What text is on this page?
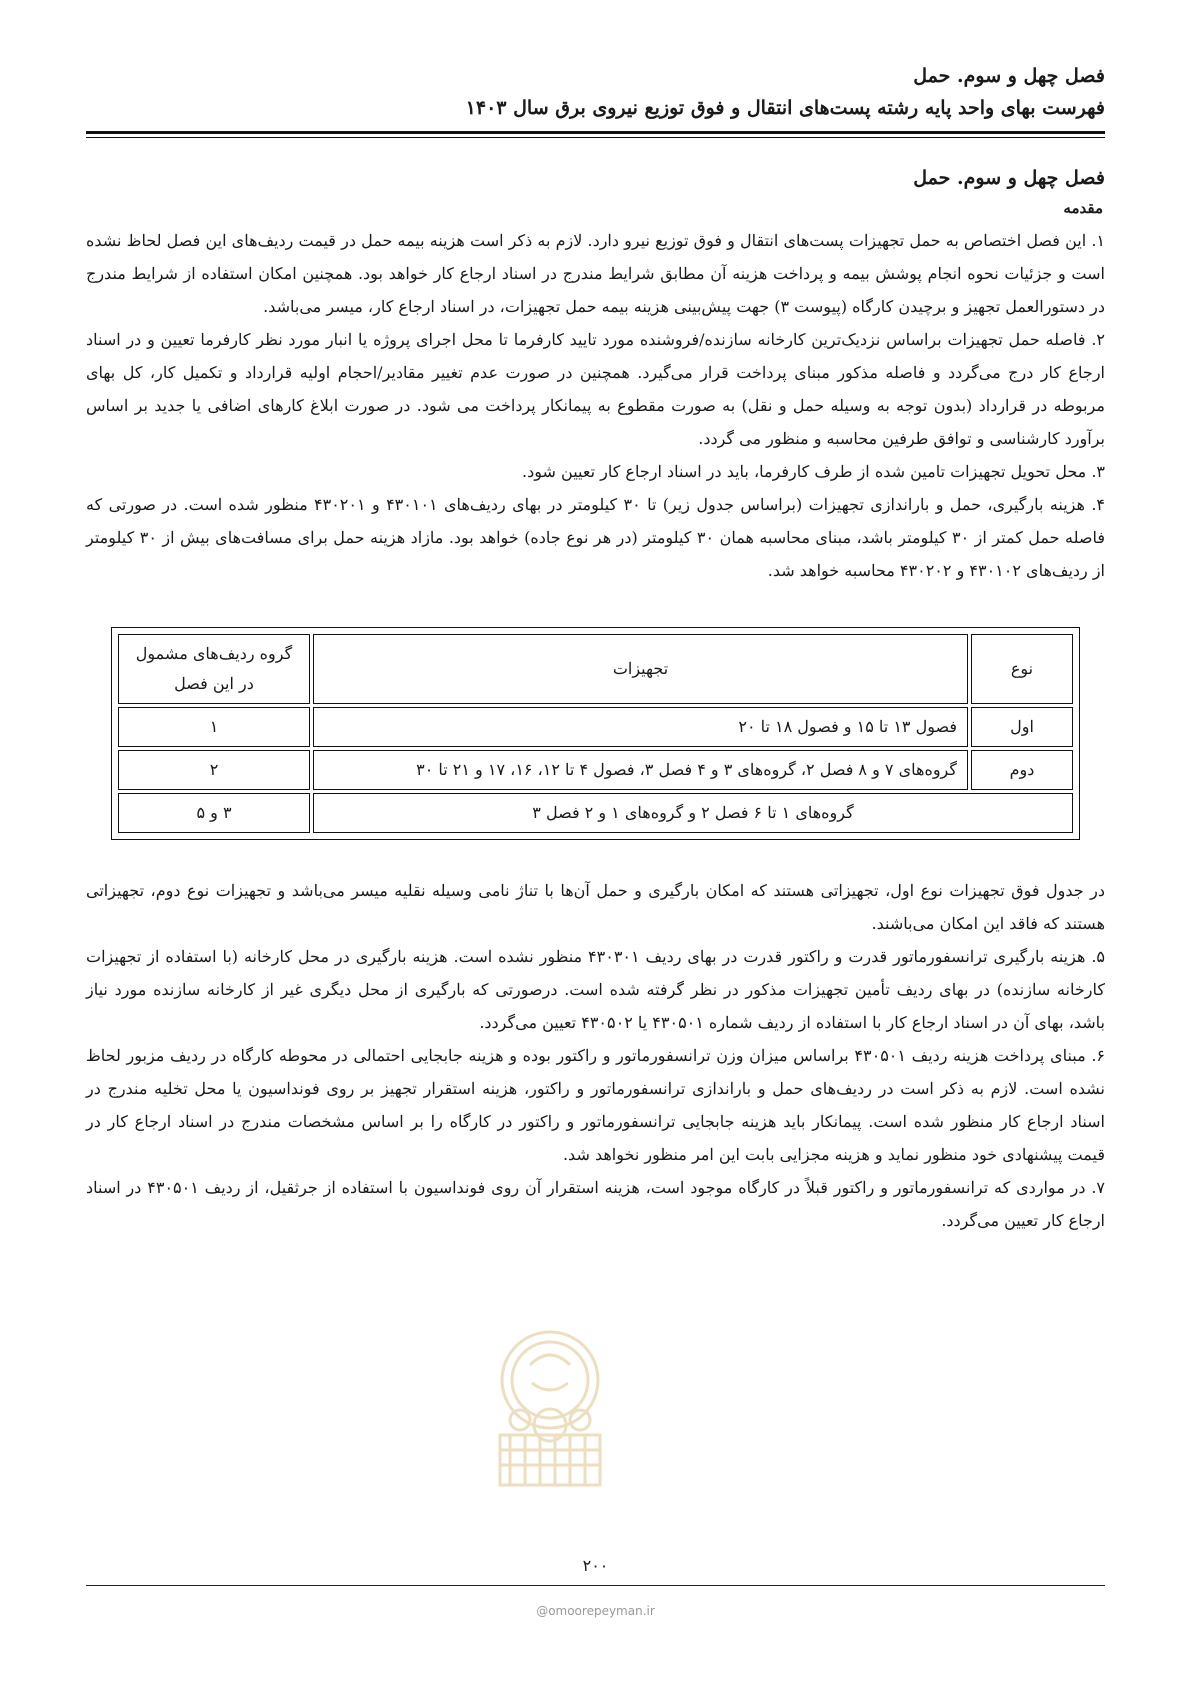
فصل چهل و سوم. حمل
فهرست بهای واحد پایه رشته پست‌های انتقال و فوق توزیع نیروی برق سال ۱۴۰۳
فصل چهل و سوم. حمل
مقدمه

۱. این فصل اختصاص به حمل تجهیزات پست‌های انتقال و فوق توزیع نیرو دارد. لازم به ذکر است هزینه بیمه حمل در قیمت ردیف‌های این فصل لحاظ نشده است و جزئیات نحوه انجام پوشش بیمه و پرداخت هزینه آن مطابق شرایط مندرج در اسناد ارجاع کار خواهد بود. همچنین امکان استفاده از شرایط مندرج در دستورالعمل تجهیز و برچیدن کارگاه (پیوست ۳) جهت پیش‌بینی هزینه بیمه حمل تجهیزات، در اسناد ارجاع کار، میسر می‌باشد.

۲. فاصله حمل تجهیزات براساس نزدیک‌ترین کارخانه سازنده/فروشنده مورد تایید کارفرما تا محل اجرای پروژه یا انبار مورد نظر کارفرما تعیین و در اسناد ارجاع کار درج می‌گردد و فاصله مذکور مبنای پرداخت قرار می‌گیرد. همچنین در صورت عدم تغییر مقادیر/احجام اولیه قرارداد و تکمیل کار، کل بهای مربوطه در قرارداد (بدون توجه به وسیله حمل و نقل) به صورت مقطوع به پیمانکار پرداخت می شود. در صورت ابلاغ کارهای اضافی یا جدید بر اساس برآورد کارشناسی و توافق طرفین محاسبه و منظور می گردد.

۳. محل تحویل تجهیزات تامین شده از طرف کارفرما، باید در اسناد ارجاع کار تعیین شود.

۴. هزینه بارگیری، حمل و باراندازی تجهیزات (براساس جدول زیر) تا ۳۰ کیلومتر در بهای ردیف‌های ۴۳۰۱۰۱ و ۴۳۰۲۰۱ منظور شده است. در صورتی که فاصله حمل کمتر از ۳۰ کیلومتر باشد، مبنای محاسبه همان ۳۰ کیلومتر (در هر نوع جاده) خواهد بود. مازاد هزینه حمل برای مسافت‌های بیش از ۳۰ کیلومتر از ردیف‌های ۴۳۰۱۰۲ و ۴۳۰۲۰۲ محاسبه خواهد شد.

نوع	تجهیزات	گروه ردیف‌های مشمول در این فصل
اول	فصول ۱۳ تا ۱۵ و فصول ۱۸ تا ۲۰	۱
دوم	گروه‌های ۷ و ۸ فصل ۲، گروه‌های ۳ و ۴ فصل ۳، فصول ۴ تا ۱۲، ۱۶، ۱۷ و ۲۱ تا ۳۰	۲
گروه‌های ۱ تا ۶ فصل ۲ و گروه‌های ۱ و ۲ فصل ۳		۳ و ۵

در جدول فوق تجهیزات نوع اول، تجهیزاتی هستند که امکان بارگیری و حمل آن‌ها با تناژ نامی وسیله نقلیه میسر می‌باشد و تجهیزات نوع دوم، تجهیزاتی هستند که فاقد این امکان می‌باشند.

۵. هزینه بارگیری ترانسفورماتور قدرت و راکتور قدرت در بهای ردیف ۴۳۰۳۰۱ منظور نشده است. هزینه بارگیری در محل کارخانه (با استفاده از تجهیزات کارخانه سازنده) در بهای ردیف تأمین تجهیزات مذکور در نظر گرفته شده است. درصورتی که بارگیری از محل دیگری غیر از کارخانه سازنده مورد نیاز باشد، بهای آن در اسناد ارجاع کار با استفاده از ردیف شماره ۴۳۰۵۰۱ یا ۴۳۰۵۰۲ تعیین می‌گردد.

۶. مبنای پرداخت هزینه ردیف ۴۳۰۵۰۱ براساس میزان وزن ترانسفورماتور و راکتور بوده و هزینه جابجایی احتمالی در محوطه کارگاه در ردیف مزبور لحاظ نشده است. لازم به ذکر است در ردیف‌های حمل و باراندازی ترانسفورماتور و راکتور، هزینه استقرار تجهیز بر روی فونداسیون یا محل تخلیه مندرج در اسناد ارجاع کار منظور شده است. پیمانکار باید هزینه جابجایی ترانسفورماتور و راکتور در کارگاه را بر اساس مشخصات مندرج در اسناد ارجاع کار در قیمت پیشنهادی خود منظور نماید و هزینه مجزایی بابت این امر منظور نخواهد شد.

۷. در مواردی که ترانسفورماتور و راکتور قبلاً در کارگاه موجود است، هزینه استقرار آن روی فونداسیون با استفاده از جرثقیل، از ردیف ۴۳۰۵۰۱ در اسناد ارجاع کار تعیین می‌گردد.

۲۰۰
@omoorepeyman.ir
